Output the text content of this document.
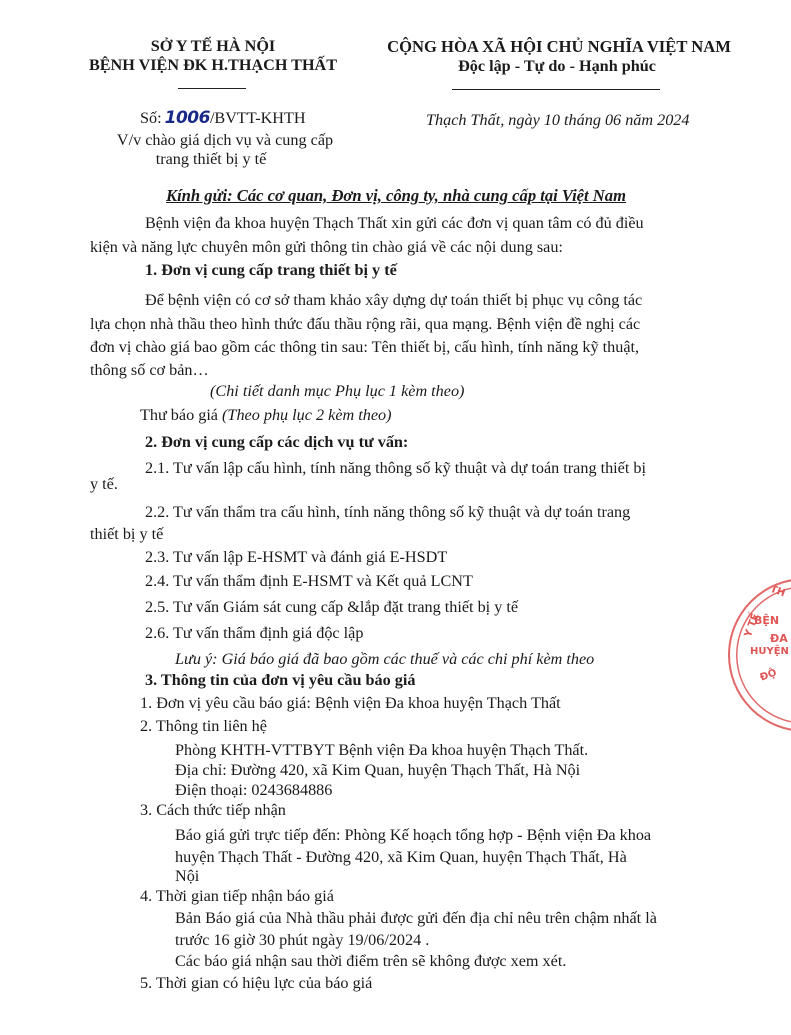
SỞ Y TẾ HÀ NỘI
BỆNH VIỆN ĐK H.THẠCH THẤT
Số: 1006/BVTT-KHTH
V/v chào giá dịch vụ và cung cấp
trang thiết bị y tế
CỘNG HÒA XÃ HỘI CHỦ NGHĨA VIỆT NAM
Độc lập - Tự do - Hạnh phúc
Thạch Thất, ngày 10 tháng 06 năm 2024
Kính gửi: Các cơ quan, Đơn vị, công ty, nhà cung cấp tại Việt Nam
Bệnh viện đa khoa huyện Thạch Thất xin gửi các đơn vị quan tâm có đủ điều
kiện và năng lực chuyên môn gửi thông tin chào giá về các nội dung sau:
1. Đơn vị cung cấp trang thiết bị y tế
Để bệnh viện có cơ sở tham khảo xây dựng dự toán thiết bị phục vụ công tác
lựa chọn nhà thầu theo hình thức đấu thầu rộng rãi, qua mạng. Bệnh viện đề nghị các
đơn vị chào giá bao gồm các thông tin sau: Tên thiết bị, cấu hình, tính năng kỹ thuật,
thông số cơ bản…
(Chi tiết danh mục Phụ lục 1 kèm theo)
Thư báo giá (Theo phụ lục 2 kèm theo)
2. Đơn vị cung cấp các dịch vụ tư vấn:
2.1. Tư vấn lập cấu hình, tính năng thông số kỹ thuật và dự toán trang thiết bị
y tế.
2.2. Tư vấn thẩm tra cấu hình, tính năng thông số kỹ thuật và dự toán trang
thiết bị y tế
2.3. Tư vấn lập E-HSMT và đánh giá E-HSDT
2.4. Tư vấn thẩm định E-HSMT và Kết quả LCNT
2.5. Tư vấn Giám sát cung cấp &lắp đặt trang thiết bị y tế
2.6. Tư vấn thẩm định giá độc lập
Lưu ý: Giá báo giá đã bao gồm các thuế và các chi phí kèm theo
3. Thông tin của đơn vị yêu cầu báo giá
1. Đơn vị yêu cầu báo giá: Bệnh viện Đa khoa huyện Thạch Thất
2. Thông tin liên hệ
Phòng KHTH-VTTBYT Bệnh viện Đa khoa huyện Thạch Thất.
Địa chỉ: Đường 420, xã Kim Quan, huyện Thạch Thất, Hà Nội
Điện thoại: 0243684886
3. Cách thức tiếp nhận
Báo giá gửi trực tiếp đến: Phòng Kế hoạch tổng hợp - Bệnh viện Đa khoa
huyện Thạch Thất - Đường 420, xã Kim Quan, huyện Thạch Thất, Hà
Nội
4. Thời gian tiếp nhận báo giá
Bản Báo giá của Nhà thầu phải được gửi đến địa chỉ nêu trên chậm nhất là
trước 16 giờ 30 phút ngày 19/06/2024 .
Các báo giá nhận sau thời điểm trên sẽ không được xem xét.
5. Thời gian có hiệu lực của báo giá
Y TẾ
BỆN
ĐA
HUYỆN
TH
ĐỘ
